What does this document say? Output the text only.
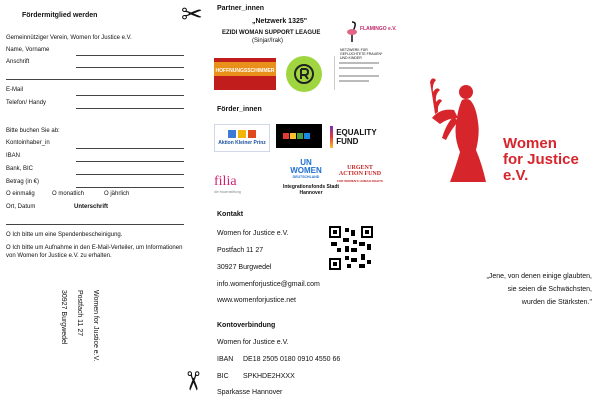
Fördermitglied werden
Gemeinnütziger Verein, Women for Justice e.V.
Name, Vorname
Anschrift
E-Mail
Telefon/ Handy
Bitte buchen Sie ab:
Kontoinhaber_in
IBAN
Bank, BIC
Betrag (in €)
O einmalig	O monatlich	O jährlich
Ort, Datum	Unterschrift
O Ich bitte um eine Spendenbescheinigung.
O Ich bitte um Aufnahme in den E-Mail-Verteiler, um Informationen von Women for Justice e.V. zu erhalten.
Women for Justice e.V.
Postfach 11 27
30927 Burgwedel
✂
✂
Partner_innen
„Netzwerk 1325"
EZIDI WOMAN SUPPORT LEAGUE
(Sinjar/Irak)
FLAMINGO e.V.
NETZWERK FÜR GEFLÜCHTETE FRAUEN* UND KINDER
HOFFNUNGSSCHIMMER
Förder_innen
Aktion Kleiner Prinz
EQUALITY FUND
UN WOMEN
DEUTSCHLAND
URGENT ACTION FUND
FOR WOMEN'S HUMAN RIGHTS
filia
die frauenstiftung
Integrationsfonds Stadt Hannover
Kontakt
Women for Justice e.V.
Postfach 11 27
30927 Burgwedel
info.womenforjustice@gmail.com
www.womenforjustice.net
Kontoverbindung
Women for Justice e.V.
IBAN DE18 2505 0180 0910 4550 66
BIC SPKHDE2HXXX
Sparkasse Hannover
Women
for Justice
e.V.
„Jene, von denen einige glaubten,
sie seien die Schwächsten,
wurden die Stärksten."
